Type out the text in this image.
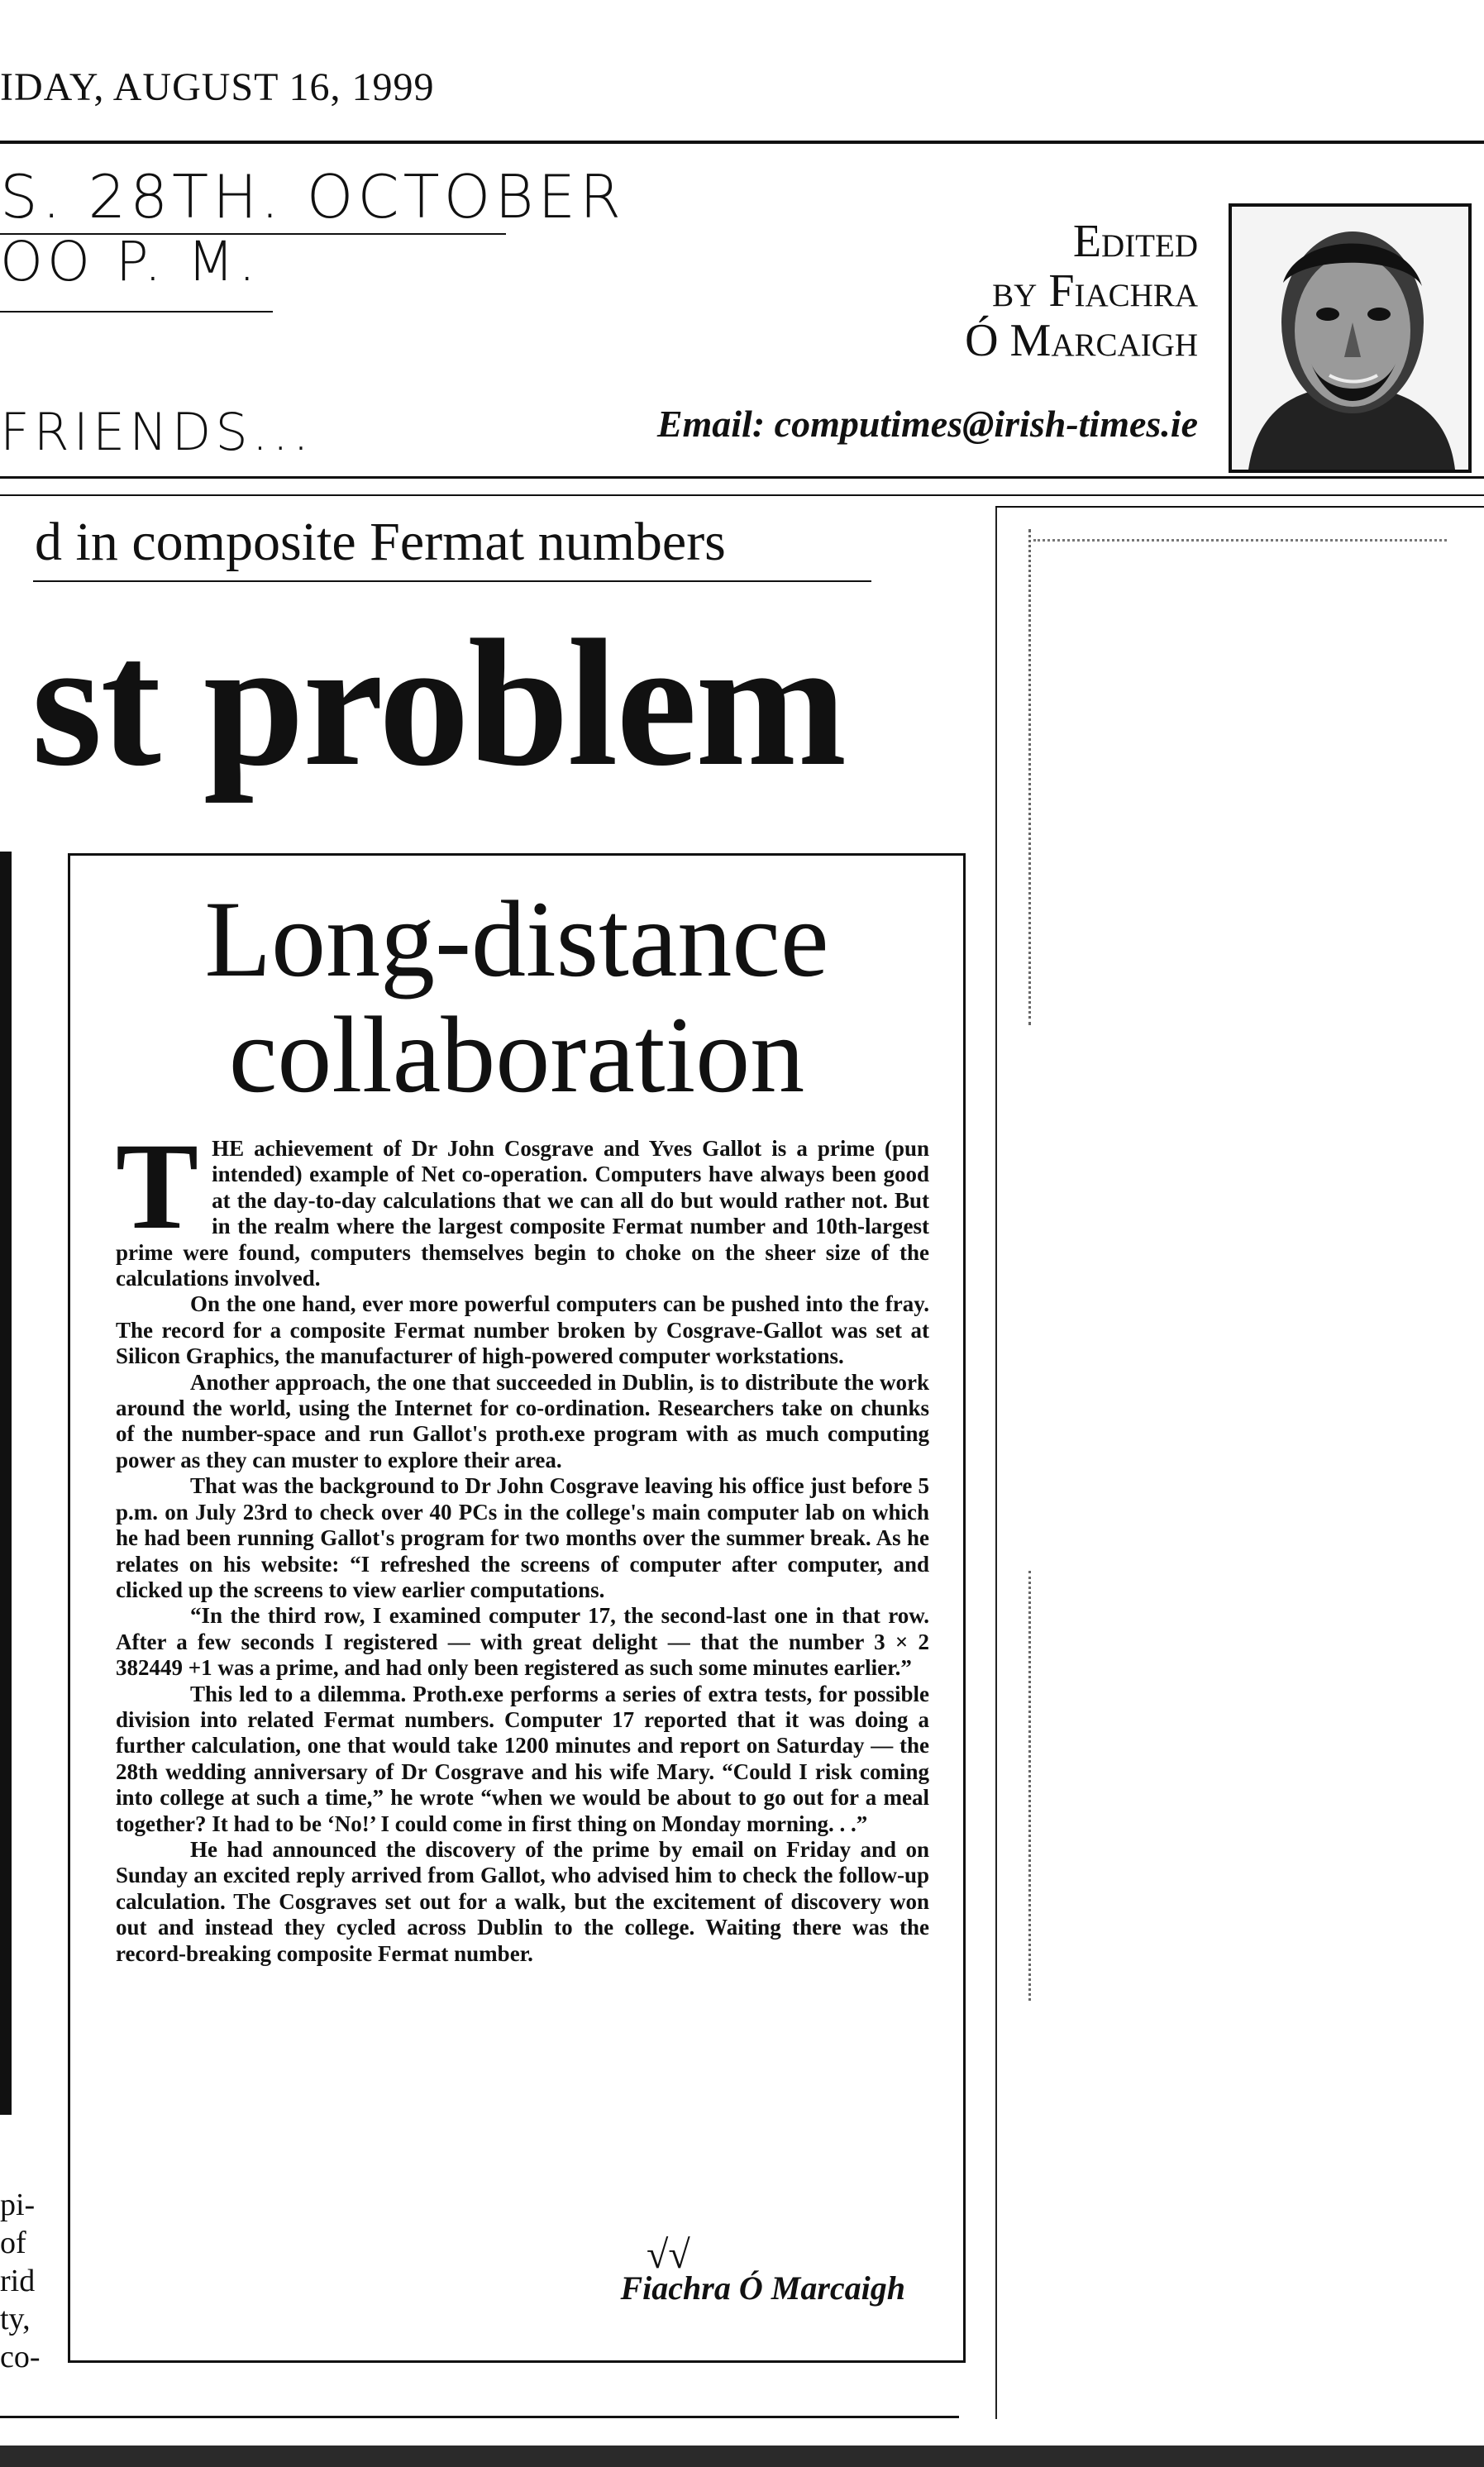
IDAY, AUGUST 16, 1999
S. 28TH. OCTOBER
OO P. M.
FRIENDS...
Edited
by Fiachra
Ó Marcaigh
Email: computimes@irish-times.ie
d in composite Fermat numbers
st problem
pi-
of
rid
ty,
co-
Long-distance
collaboration

THE achievement of Dr John Cosgrave and Yves Gallot is a prime (pun intended) example of Net co-operation. Computers have always been good at the day-to-day calculations that we can all do but would rather not. But in the realm where the largest composite Fermat number and 10th-largest prime were found, computers themselves begin to choke on the sheer size of the calculations involved.

On the one hand, ever more powerful computers can be pushed into the fray. The record for a composite Fermat number broken by Cosgrave-Gallot was set at Silicon Graphics, the manufacturer of high-powered computer workstations.

Another approach, the one that succeeded in Dublin, is to distribute the work around the world, using the Internet for co-ordination. Researchers take on chunks of the number-space and run Gallot's proth.exe program with as much computing power as they can muster to explore their area.

That was the background to Dr John Cosgrave leaving his office just before 5 p.m. on July 23rd to check over 40 PCs in the college's main computer lab on which he had been running Gallot's program for two months over the summer break. As he relates on his website: “I refreshed the screens of computer after computer, and clicked up the screens to view earlier computations.

“In the third row, I examined computer 17, the second-last one in that row. After a few seconds I registered — with great delight — that the number 3 × 2 382449 +1 was a prime, and had only been registered as such some minutes earlier.”

This led to a dilemma. Proth.exe performs a series of extra tests, for possible division into related Fermat numbers. Computer 17 reported that it was doing a further calculation, one that would take 1200 minutes and report on Saturday — the 28th wedding anniversary of Dr Cosgrave and his wife Mary. “Could I risk coming into college at such a time,” he wrote “when we would be about to go out for a meal together? It had to be ‘No!’ I could come in first thing on Monday morning. . .”

He had announced the discovery of the prime by email on Friday and on Sunday an excited reply arrived from Gallot, who advised him to check the follow-up calculation. The Cosgraves set out for a walk, but the excitement of discovery won out and instead they cycled across Dublin to the college. Waiting there was the record-breaking composite Fermat number.

√√
Fiachra Ó Marcaigh
